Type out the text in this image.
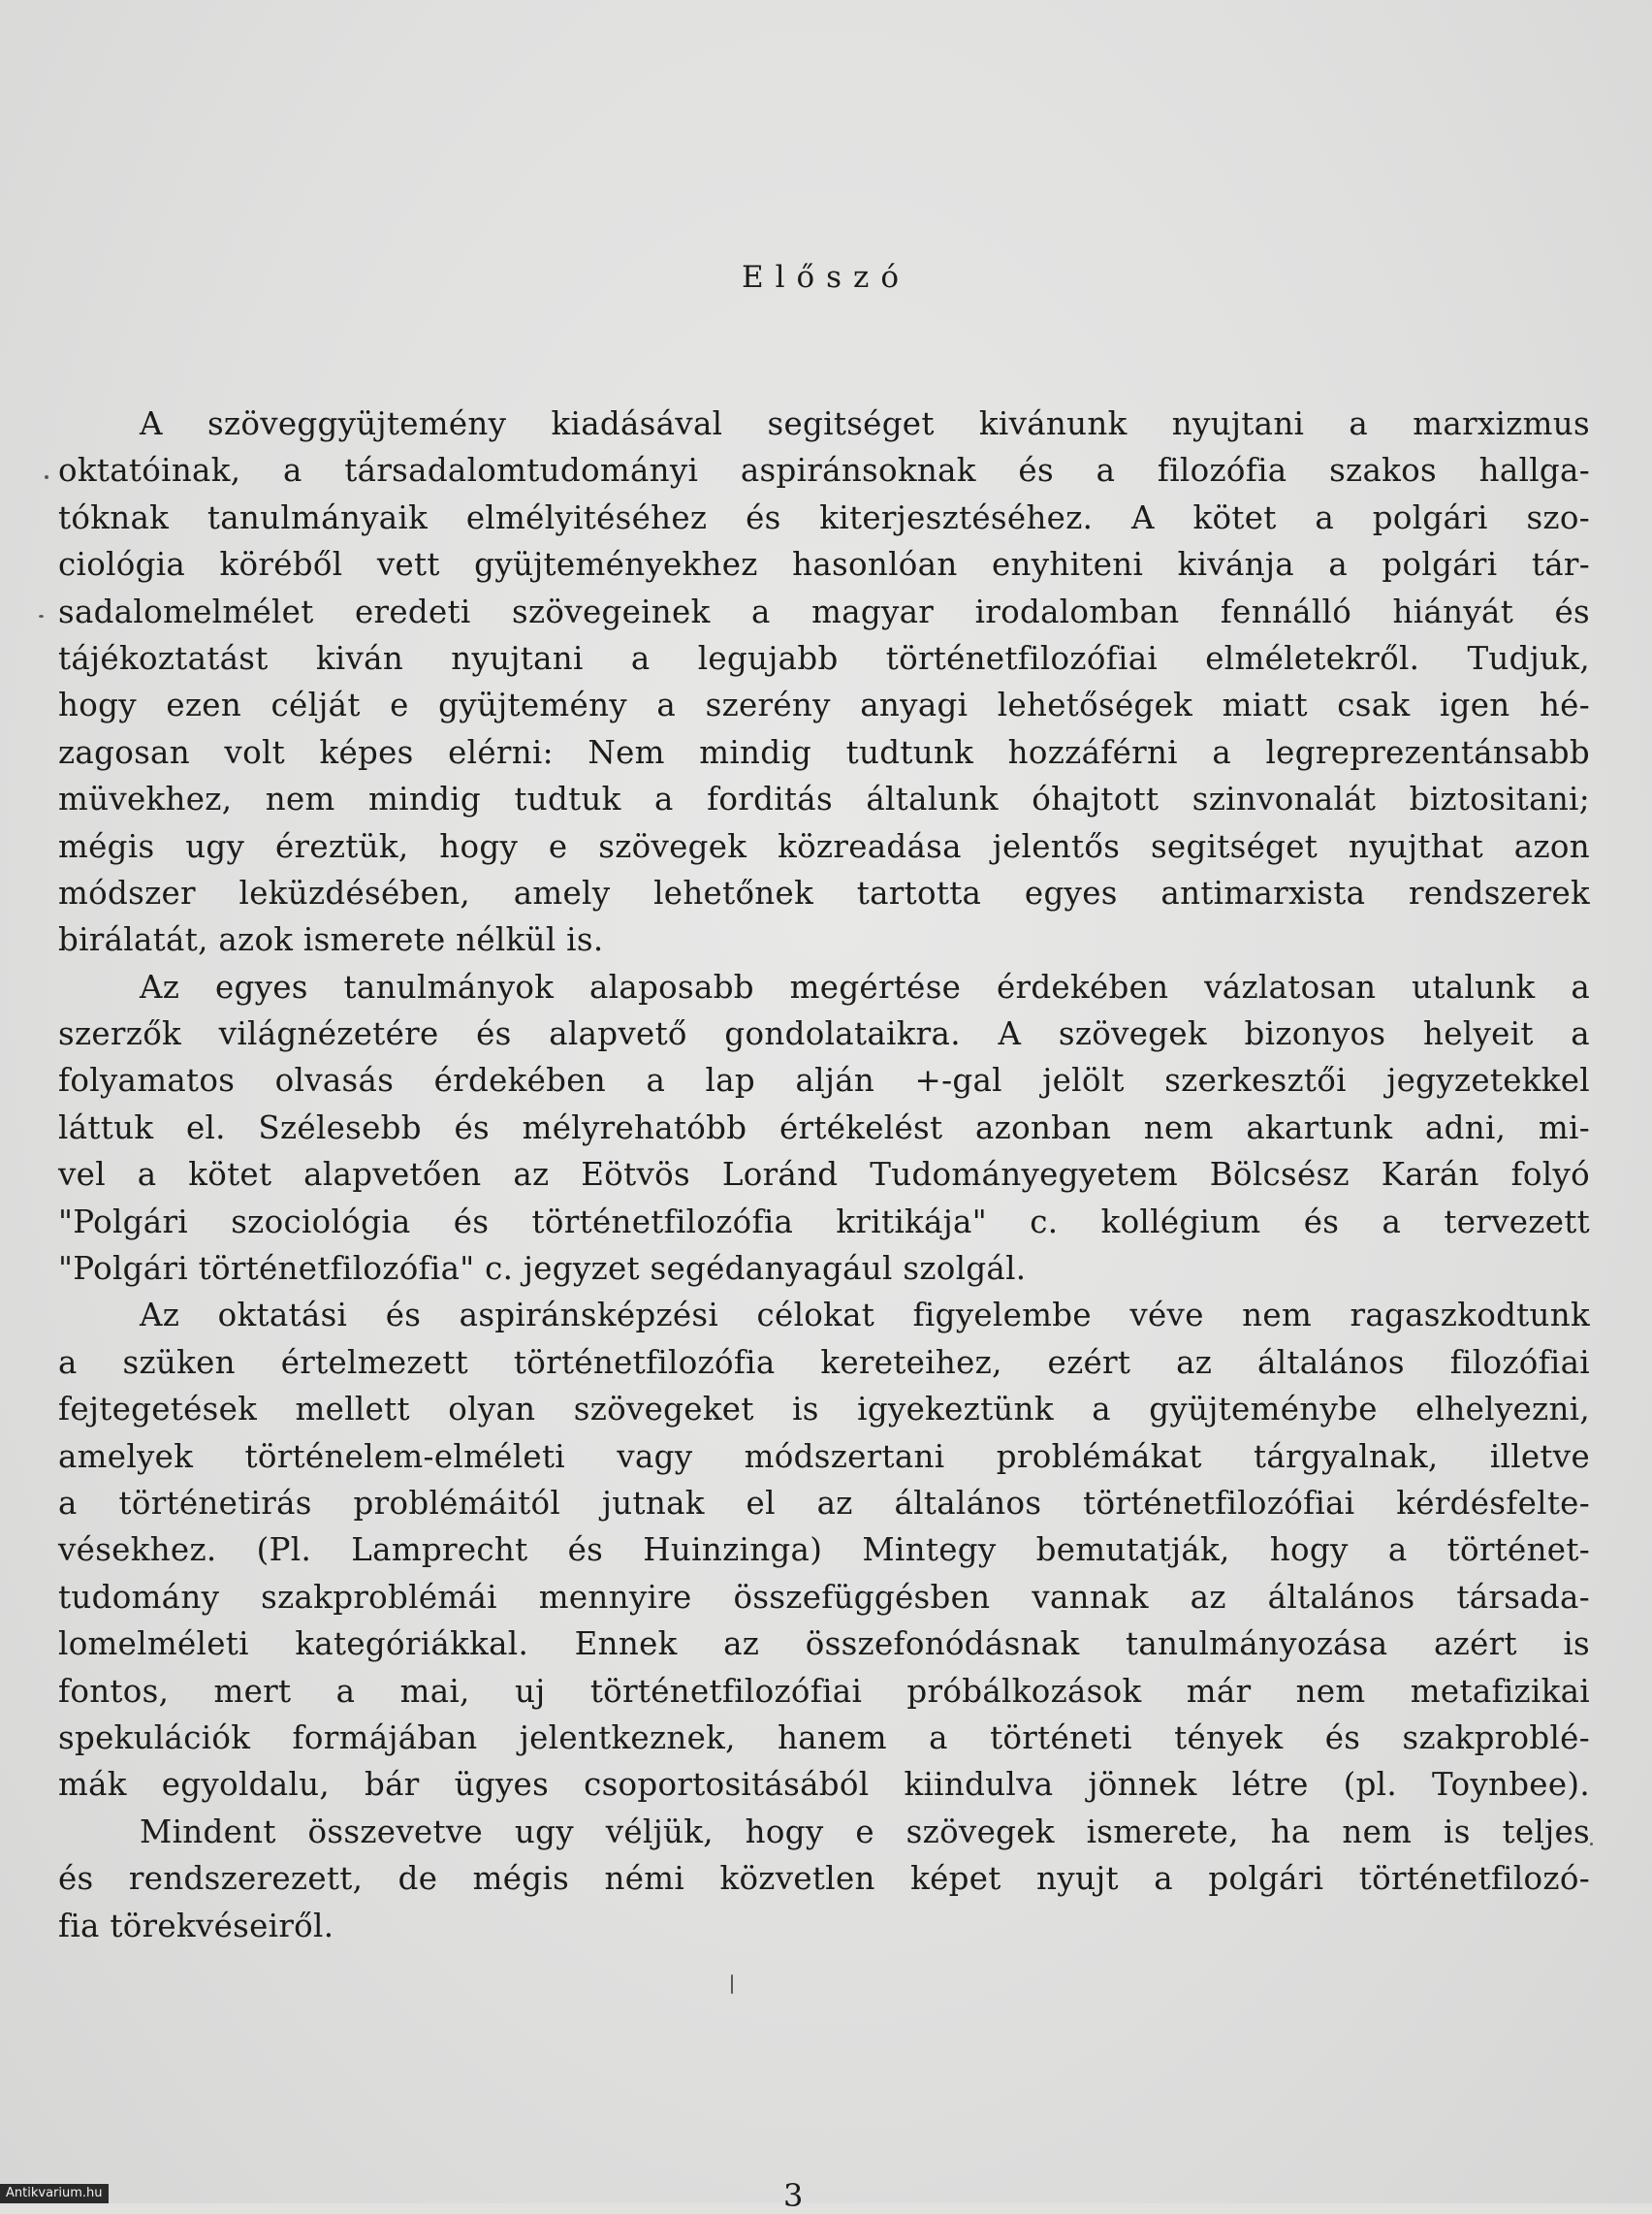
Előszó
A szöveggyüjtemény kiadásával segitséget kivánunk nyujtani a marxizmus
oktatóinak, a társadalomtudományi aspiránsoknak és a filozófia szakos hallga-
tóknak tanulmányaik elmélyitéséhez és kiterjesztéséhez. A kötet a polgári szo-
ciológia köréből vett gyüjteményekhez hasonlóan enyhiteni kivánja a polgári tár-
sadalomelmélet eredeti szövegeinek a magyar irodalomban fennálló hiányát és
tájékoztatást kiván nyujtani a legujabb történetfilozófiai elméletekről. Tudjuk,
hogy ezen célját e gyüjtemény a szerény anyagi lehetőségek miatt csak igen hé-
zagosan volt képes elérni: Nem mindig tudtunk hozzáférni a legreprezentánsabb
müvekhez, nem mindig tudtuk a forditás általunk óhajtott szinvonalát biztositani;
mégis ugy éreztük, hogy e szövegek közreadása jelentős segitséget nyujthat azon
módszer leküzdésében, amely lehetőnek tartotta egyes antimarxista rendszerek
birálatát, azok ismerete nélkül is.
Az egyes tanulmányok alaposabb megértése érdekében vázlatosan utalunk a
szerzők világnézetére és alapvető gondolataikra. A szövegek bizonyos helyeit a
folyamatos olvasás érdekében a lap alján +-gal jelölt szerkesztői jegyzetekkel
láttuk el. Szélesebb és mélyrehatóbb értékelést azonban nem akartunk adni, mi-
vel a kötet alapvetően az Eötvös Loránd Tudományegyetem Bölcsész Karán folyó
"Polgári szociológia és történetfilozófia kritikája" c. kollégium és a tervezett
"Polgári történetfilozófia" c. jegyzet segédanyagául szolgál.
Az oktatási és aspiránsképzési célokat figyelembe véve nem ragaszkodtunk
a szüken értelmezett történetfilozófia kereteihez, ezért az általános filozófiai
fejtegetések mellett olyan szövegeket is igyekeztünk a gyüjteménybe elhelyezni,
amelyek történelem-elméleti vagy módszertani problémákat tárgyalnak, illetve
a történetirás problémáitól jutnak el az általános történetfilozófiai kérdésfelte-
vésekhez. (Pl. Lamprecht és Huinzinga) Mintegy bemutatják, hogy a történet-
tudomány szakproblémái mennyire összefüggésben vannak az általános társada-
lomelméleti kategóriákkal. Ennek az összefonódásnak tanulmányozása azért is
fontos, mert a mai, uj történetfilozófiai próbálkozások már nem metafizikai
spekulációk formájában jelentkeznek, hanem a történeti tények és szakproblé-
mák egyoldalu, bár ügyes csoportositásából kiindulva jönnek létre (pl. Toynbee).
Mindent összevetve ugy véljük, hogy e szövegek ismerete, ha nem is teljes
és rendszerezett, de mégis némi közvetlen képet nyujt a polgári történetfilozó-
fia törekvéseiről.
3
Antikvarium.hu
